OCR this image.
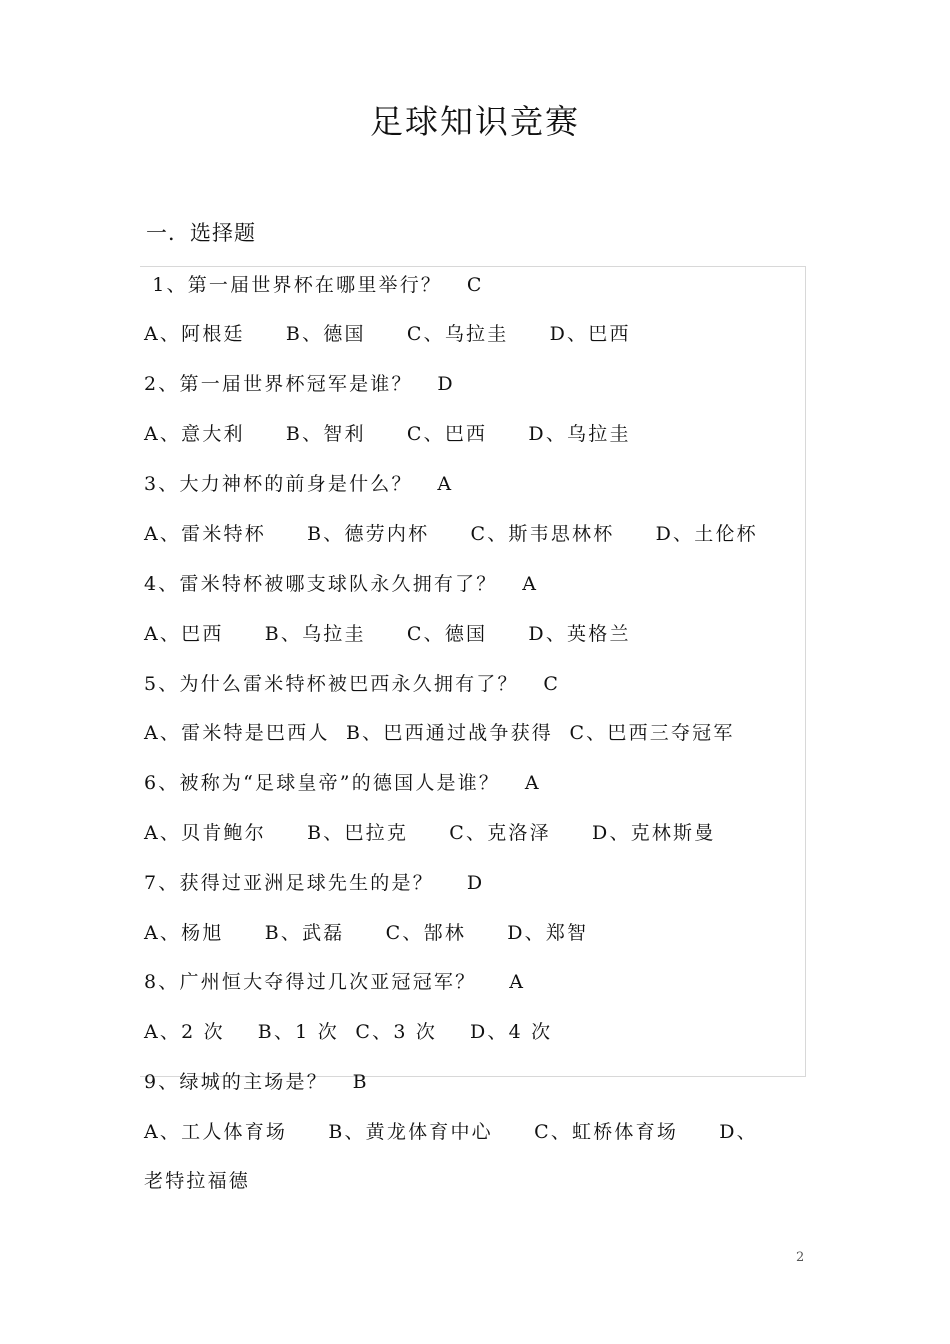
足球知识竞赛
一．选择题
1、第一届世界杯在哪里举行？   C
A、阿根廷     B、德国     C、乌拉圭     D、巴西
2、第一届世界杯冠军是谁？   D
A、意大利     B、智利     C、巴西     D、乌拉圭
3、大力神杯的前身是什么？   A
A、雷米特杯     B、德劳内杯     C、斯韦思林杯     D、土伦杯
4、雷米特杯被哪支球队永久拥有了？   A
A、巴西     B、乌拉圭     C、德国     D、英格兰
5、为什么雷米特杯被巴西永久拥有了？   C
A、雷米特是巴西人  B、巴西通过战争获得  C、巴西三夺冠军
6、被称为“足球皇帝”的德国人是谁？   A
A、贝肯鲍尔     B、巴拉克     C、克洛泽     D、克林斯曼
7、获得过亚洲足球先生的是？    D
A、杨旭     B、武磊     C、郜林     D、郑智
8、广州恒大夺得过几次亚冠冠军？    A
A、2 次    B、1 次  C、3 次    D、4 次
9、绿城的主场是？   B
A、工人体育场     B、黄龙体育中心     C、虹桥体育场     D、
老特拉福德
2
